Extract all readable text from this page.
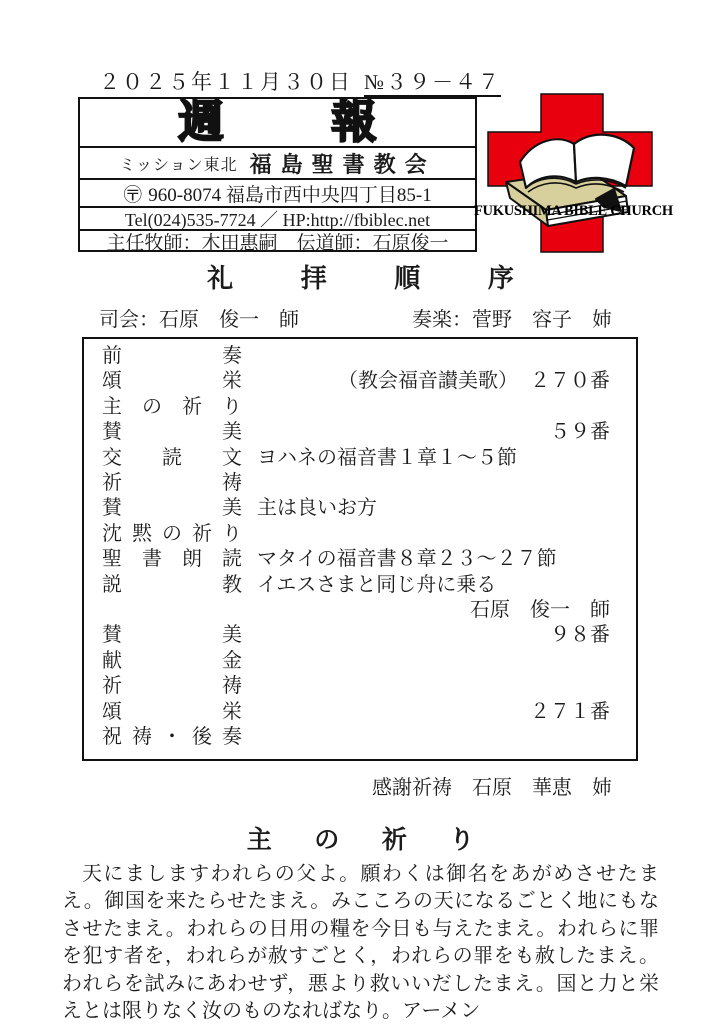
２０２５年１１月３０日 №３９－４７
週 報
ミッション東北 福島聖書教会
〶 960-8074 福島市西中央四丁目85-1
Tel(024)535-7724 ／ HP:http://fbiblec.net
主任牧師：木田惠嗣　伝道師：石原俊一
FUKUSHIMA BIBLE CHURCH
礼拝順序
司会：石原　俊一　師	奏楽：菅野　容子　姉
前　　　奏
頌　　　栄	（教会福音讃美歌） ２７０番
主　の　祈　り
賛　　　美	５９番
交　読　文 ヨハネの福音書１章１～５節
祈　　　祷
賛　　　美 主は良いお方
沈黙の祈り
聖　書　朗　読 マタイの福音書８章２３～２７節
説　　　教 イエスさまと同じ舟に乗る
石原　俊一　師
賛　　　美	９８番
献　　　金
祈　　　祷
頌　　　栄	２７１番
祝祷・後奏
感謝祈祷　石原　華恵　姉
主の祈り

天にましますわれらの父よ。願わくは御名をあがめさせたまえ。御国を来たらせたまえ。みこころの天になるごとく地にもなさせたまえ。われらの日用の糧を今日も与えたまえ。われらに罪を犯す者を，われらが赦すごとく，われらの罪をも赦したまえ。われらを試みにあわせず，悪より救いいだしたまえ。国と力と栄えとは限りなく汝のものなればなり。アーメン
